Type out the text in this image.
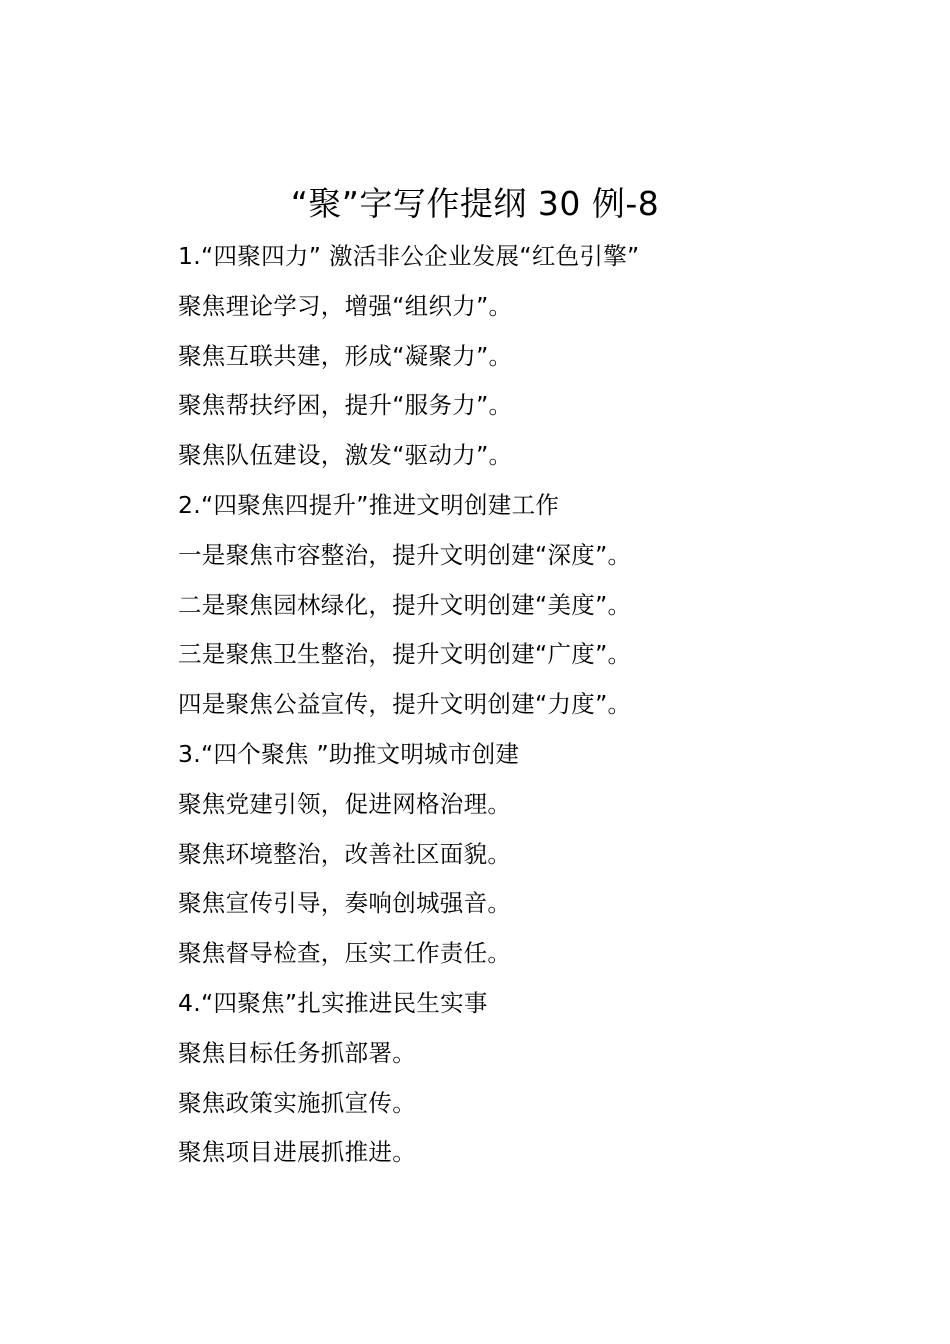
“聚”字写作提纲 30 例-8
1.“四聚四力” 激活非公企业发展“红色引擎”
聚焦理论学习，增强“组织力”。
聚焦互联共建，形成“凝聚力”。
聚焦帮扶纾困，提升“服务力”。
聚焦队伍建设，激发“驱动力”。
2.“四聚焦四提升”推进文明创建工作
一是聚焦市容整治，提升文明创建“深度”。
二是聚焦园林绿化，提升文明创建“美度”。
三是聚焦卫生整治，提升文明创建“广度”。
四是聚焦公益宣传，提升文明创建“力度”。
3.“四个聚焦 ”助推文明城市创建
聚焦党建引领，促进网格治理。
聚焦环境整治，改善社区面貌。
聚焦宣传引导，奏响创城强音。
聚焦督导检查，压实工作责任。
4.“四聚焦”扎实推进民生实事
聚焦目标任务抓部署。
聚焦政策实施抓宣传。
聚焦项目进展抓推进。
